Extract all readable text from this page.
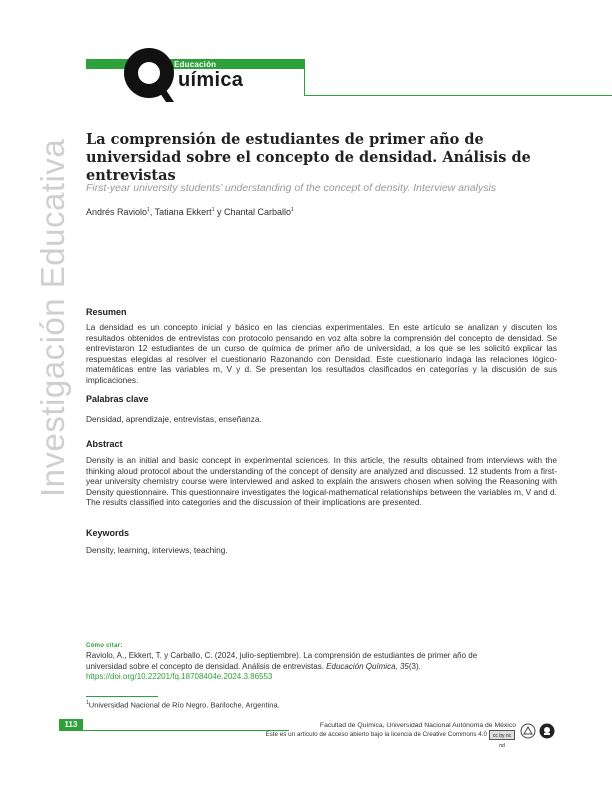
Educación
uímica
Investigación Educativa La comprensión de estudiantes de primer año de universidad sobre el concepto de densidad. Análisis de entrevistas
First-year university students’ understanding of the concept of density. Interview analysis
Andrés Raviolo$^1$, Tatiana Ekkert$^1$ y Chantal Carballo$^1$
Resumen
La densidad es un concepto inicial y básico en las ciencias experimentales. En este artículo se analizan y discuten los resultados obtenidos de entrevistas con protocolo pensando en voz alta sobre la comprensión del concepto de densidad. Se entrevistaron 12 estudiantes de un curso de química de primer año de universidad, a los que se les solicitó explicar las respuestas elegidas al resolver el cuestionario Razonando con Densidad. Este cuestionario indaga las relaciones lógico-matemáticas entre las variables m, V y d. Se presentan los resultados clasificados en categorías y la discusión de sus implicaciones.
Palabras clave
Densidad, aprendizaje, entrevistas, enseñanza.
Abstract
Density is an initial and basic concept in experimental sciences. In this article, the results obtained from interviews with the thinking aloud protocol about the understanding of the concept of density are analyzed and discussed. 12 students from a first-year university chemistry course were interviewed and asked to explain the answers chosen when solving the Reasoning with Density questionnaire. This questionnaire investigates the logical-mathematical relationships between the variables m, V and d. The results classified into categories and the discussion of their implications are presented.
Keywords
Density, learning, interviews, teaching.
Cómo citar:
Raviolo, A., Ekkert, T. y Carballo, C. (2024, julio-septiembre). La comprensión de estudiantes de primer año de universidad sobre el concepto de densidad. Análisis de entrevistas. Educación Química, 35(3). https://doi.org/10.22201/fq.18708404e.2024.3.86553
$^1$Universidad Nacional de Río Negro. Bariloche, Argentina.
113	Facultad de Química, Universidad Nacional Autónoma de México
Este es un artículo de acceso abierto bajo la licencia de Creative Commons 4.0	cc by nc nd
